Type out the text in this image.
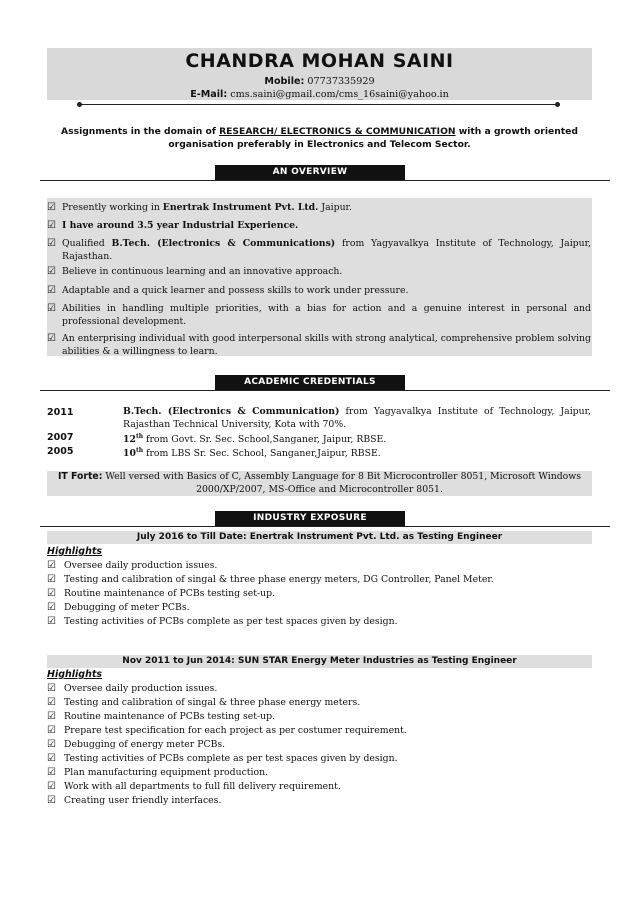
CHANDRA MOHAN SAINI
Mobile: 07737335929
E-Mail: cms.saini@gmail.com/cms_16saini@yahoo.in
Assignments in the domain of RESEARCH/ ELECTRONICS & COMMUNICATION with a growth oriented
organisation preferably in Electronics and Telecom Sector.
AN OVERVIEW
☑ Presently working in Enertrak Instrument Pvt. Ltd. Jaipur.
☑ I have around 3.5 year Industrial Experience.
☑ Qualified B.Tech. (Electronics & Communications) from Yagyavalkya Institute of Technology, Jaipur, Rajasthan.
☑ Believe in continuous learning and an innovative approach.
☑ Adaptable and a quick learner and possess skills to work under pressure.
☑ Abilities in handling multiple priorities, with a bias for action and a genuine interest in personal and professional development.
☑ An enterprising individual with good interpersonal skills with strong analytical, comprehensive problem solving abilities & a willingness to learn.
ACADEMIC CREDENTIALS
2011	B.Tech. (Electronics & Communication) from Yagyavalkya Institute of Technology, Jaipur, Rajasthan Technical University, Kota with 70%.
2007	12th from Govt. Sr. Sec. School,Sanganer, Jaipur, RBSE.
2005	10th from LBS Sr. Sec. School, Sanganer,Jaipur, RBSE.
IT Forte: Well versed with Basics of C, Assembly Language for 8 Bit Microcontroller 8051, Microsoft Windows
2000/XP/2007, MS-Office and Microcontroller 8051.
INDUSTRY EXPOSURE
July 2016 to Till Date: Enertrak Instrument Pvt. Ltd. as Testing Engineer
Highlights
☑ Oversee daily production issues.
☑ Testing and calibration of singal & three phase energy meters, DG Controller, Panel Meter.
☑ Routine maintenance of PCBs testing set-up.
☑ Debugging of meter PCBs.
☑ Testing activities of PCBs complete as per test spaces given by design.
Nov 2011 to Jun 2014: SUN STAR Energy Meter Industries as Testing Engineer
Highlights
☑ Oversee daily production issues.
☑ Testing and calibration of singal & three phase energy meters.
☑ Routine maintenance of PCBs testing set-up.
☑ Prepare test specification for each project as per costumer requirement.
☑ Debugging of energy meter PCBs.
☑ Testing activities of PCBs complete as per test spaces given by design.
☑ Plan manufacturing equipment production.
☑ Work with all departments to full fill delivery requirement.
☑ Creating user friendly interfaces.
